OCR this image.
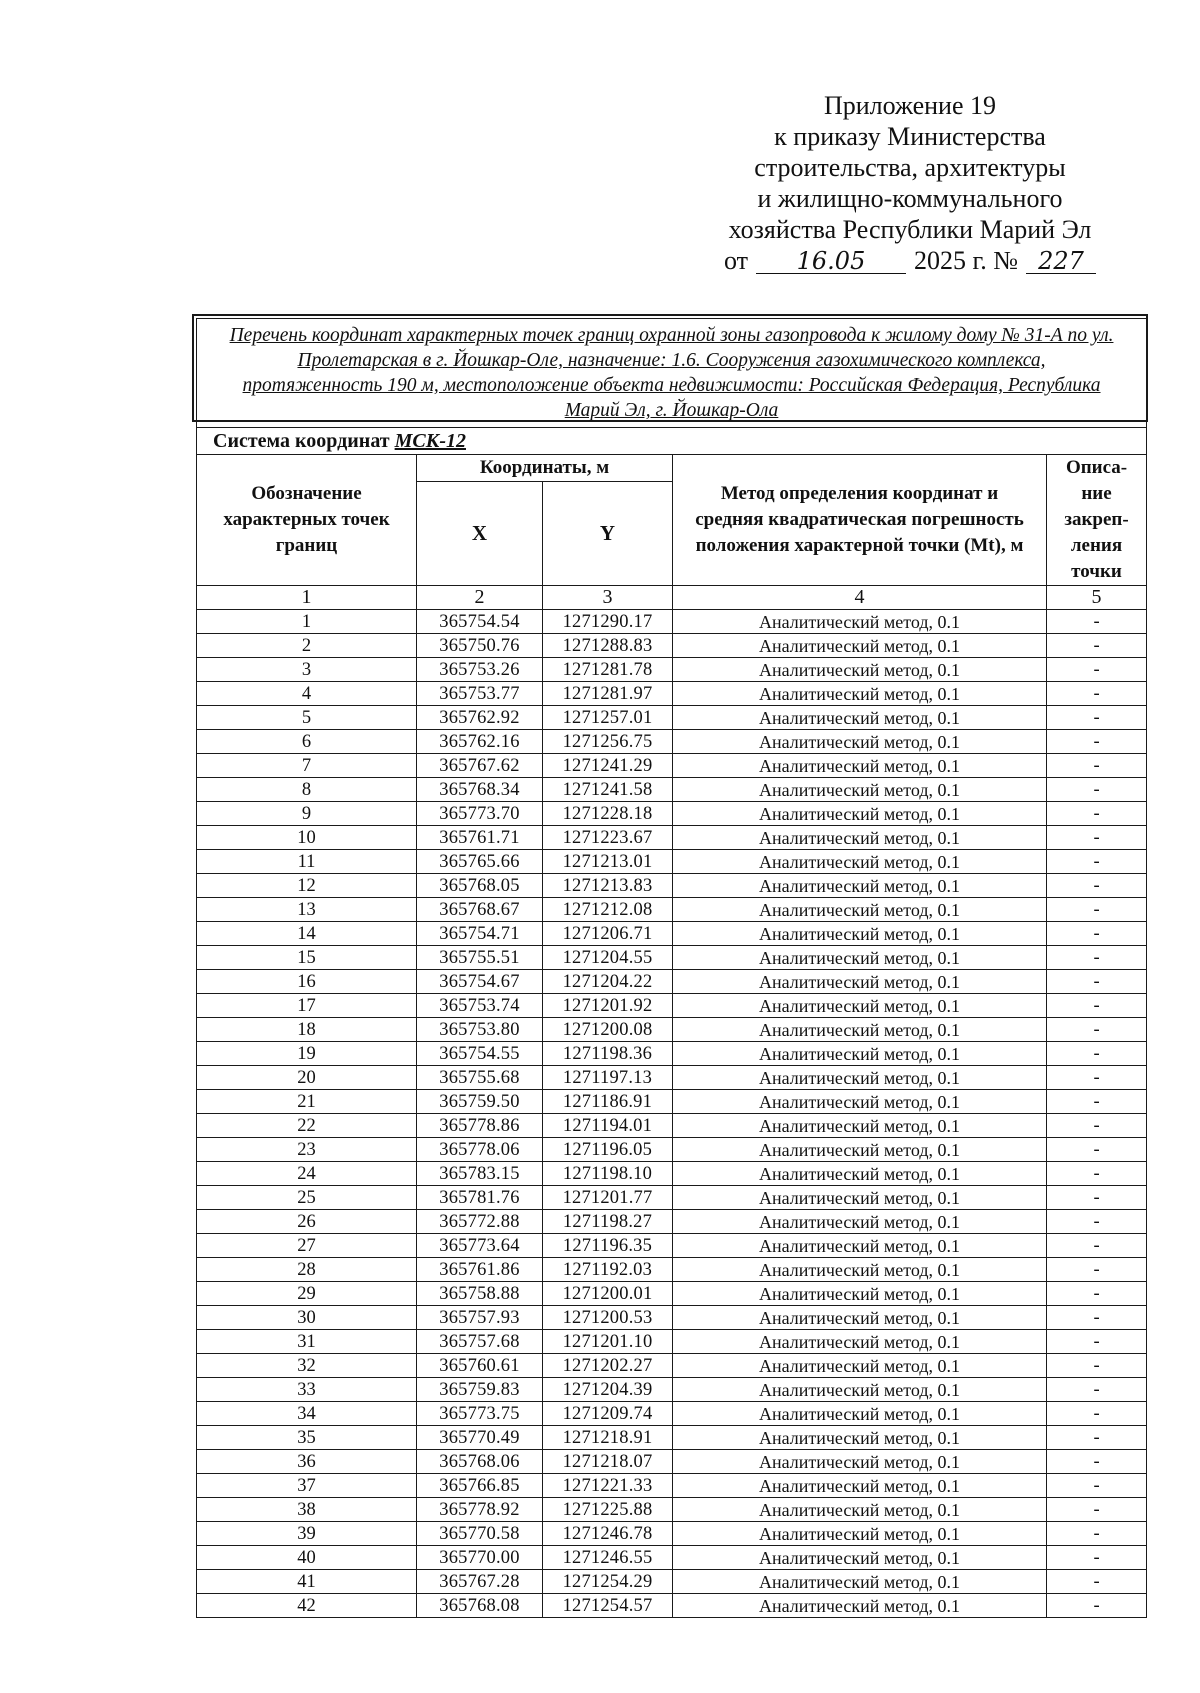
Приложение 19
к приказу Министерства
строительства, архитектуры
и жилищно-коммунального
хозяйства Республики Марий Эл
от 16.05 2025 г. № 227
Перечень координат характерных точек границ охранной зоны газопровода к жилому дому № 31-А по ул. Пролетарская в г. Йошкар-Оле, назначение: 1.6. Сооружения газохимического комплекса, протяженность 190 м, местоположение объекта недвижимости: Российская Федерация, Республика Марий Эл, г. Йошкар-Ола				
Система координат МСК-12				
Обозначение характерных точек границ	Координаты, м		Метод определения координат и средняя квадратическая погрешность положения характерной точки (Mt), м	Описа-ние закреп-ления точки
	X	Y		
1	2	3	4	5
1	365754.54	1271290.17	Аналитический метод, 0.1	-
2	365750.76	1271288.83	Аналитический метод, 0.1	-
3	365753.26	1271281.78	Аналитический метод, 0.1	-
4	365753.77	1271281.97	Аналитический метод, 0.1	-
5	365762.92	1271257.01	Аналитический метод, 0.1	-
6	365762.16	1271256.75	Аналитический метод, 0.1	-
7	365767.62	1271241.29	Аналитический метод, 0.1	-
8	365768.34	1271241.58	Аналитический метод, 0.1	-
9	365773.70	1271228.18	Аналитический метод, 0.1	-
10	365761.71	1271223.67	Аналитический метод, 0.1	-
11	365765.66	1271213.01	Аналитический метод, 0.1	-
12	365768.05	1271213.83	Аналитический метод, 0.1	-
13	365768.67	1271212.08	Аналитический метод, 0.1	-
14	365754.71	1271206.71	Аналитический метод, 0.1	-
15	365755.51	1271204.55	Аналитический метод, 0.1	-
16	365754.67	1271204.22	Аналитический метод, 0.1	-
17	365753.74	1271201.92	Аналитический метод, 0.1	-
18	365753.80	1271200.08	Аналитический метод, 0.1	-
19	365754.55	1271198.36	Аналитический метод, 0.1	-
20	365755.68	1271197.13	Аналитический метод, 0.1	-
21	365759.50	1271186.91	Аналитический метод, 0.1	-
22	365778.86	1271194.01	Аналитический метод, 0.1	-
23	365778.06	1271196.05	Аналитический метод, 0.1	-
24	365783.15	1271198.10	Аналитический метод, 0.1	-
25	365781.76	1271201.77	Аналитический метод, 0.1	-
26	365772.88	1271198.27	Аналитический метод, 0.1	-
27	365773.64	1271196.35	Аналитический метод, 0.1	-
28	365761.86	1271192.03	Аналитический метод, 0.1	-
29	365758.88	1271200.01	Аналитический метод, 0.1	-
30	365757.93	1271200.53	Аналитический метод, 0.1	-
31	365757.68	1271201.10	Аналитический метод, 0.1	-
32	365760.61	1271202.27	Аналитический метод, 0.1	-
33	365759.83	1271204.39	Аналитический метод, 0.1	-
34	365773.75	1271209.74	Аналитический метод, 0.1	-
35	365770.49	1271218.91	Аналитический метод, 0.1	-
36	365768.06	1271218.07	Аналитический метод, 0.1	-
37	365766.85	1271221.33	Аналитический метод, 0.1	-
38	365778.92	1271225.88	Аналитический метод, 0.1	-
39	365770.58	1271246.78	Аналитический метод, 0.1	-
40	365770.00	1271246.55	Аналитический метод, 0.1	-
41	365767.28	1271254.29	Аналитический метод, 0.1	-
42	365768.08	1271254.57	Аналитический метод, 0.1	-
